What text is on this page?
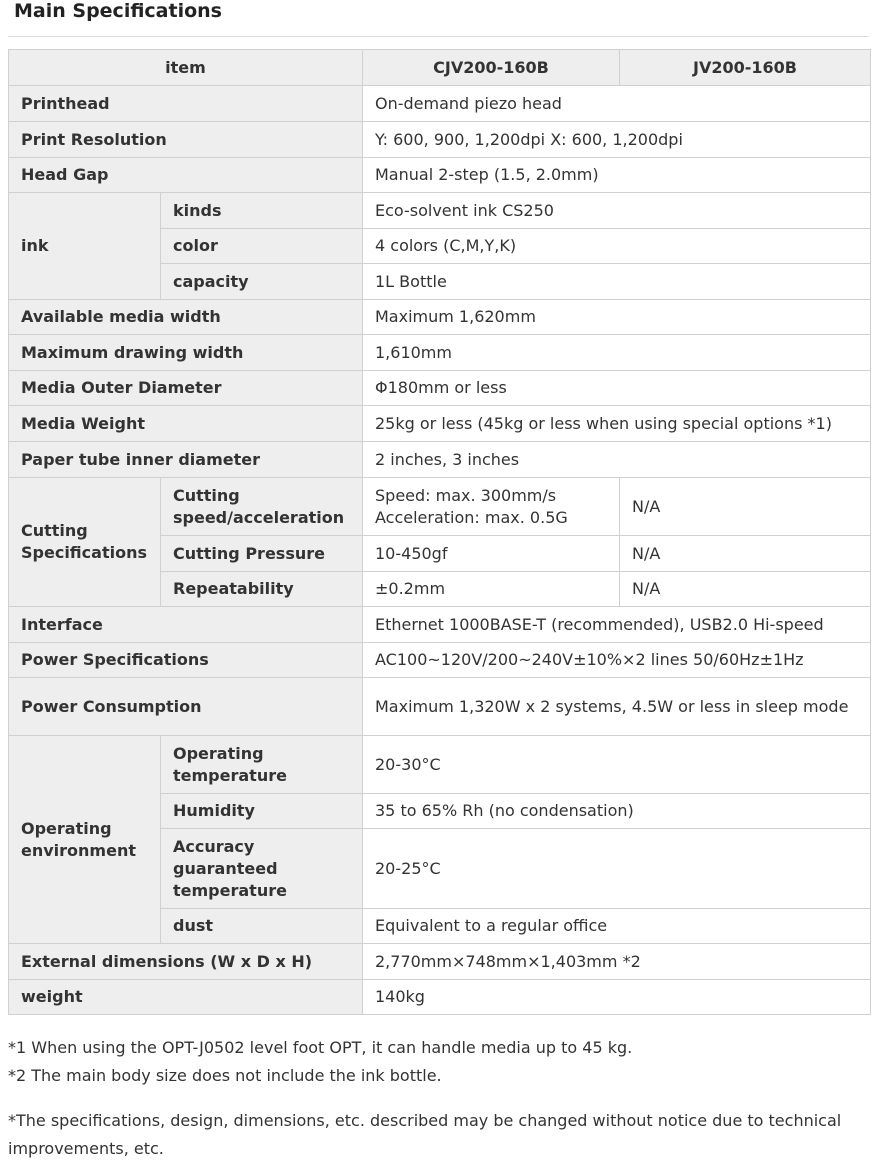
Main Specifications
item		CJV200-160B	JV200-160B
Printhead		On-demand piezo head	
Print Resolution		Y: 600, 900, 1,200dpi X: 600, 1,200dpi	
Head Gap		Manual 2-step (1.5, 2.0mm)	
ink	kinds	Eco-solvent ink CS250	
	color	4 colors (C,M,Y,K)	
	capacity	1L Bottle	
Available media width		Maximum 1,620mm	
Maximum drawing width		1,610mm	
Media Outer Diameter		Φ180mm or less	
Media Weight		25kg or less (45kg or less when using special options *1)	
Paper tube inner diameter		2 inches, 3 inches	
Cutting Specifications	Cutting speed/acceleration	Speed: max. 300mm/s Acceleration: max. 0.5G	N/A
	Cutting Pressure	10-450gf	N/A
	Repeatability	±0.2mm	N/A
Interface		Ethernet 1000BASE-T (recommended), USB2.0 Hi-speed	
Power Specifications		AC100~120V/200~240V±10%×2 lines 50/60Hz±1Hz	
Power Consumption		Maximum 1,320W x 2 systems, 4.5W or less in sleep mode	
Operating environment	Operating temperature	20-30°C	
	Humidity	35 to 65% Rh (no condensation)	
	Accuracy guaranteed temperature	20-25°C	
	dust	Equivalent to a regular office	
External dimensions (W x D x H)		2,770mm×748mm×1,403mm *2	
weight		140kg	

*1 When using the OPT-J0502 level foot OPT, it can handle media up to 45 kg.

*2 The main body size does not include the ink bottle.

*The specifications, design, dimensions, etc. described may be changed without notice due to technical improvements, etc.
